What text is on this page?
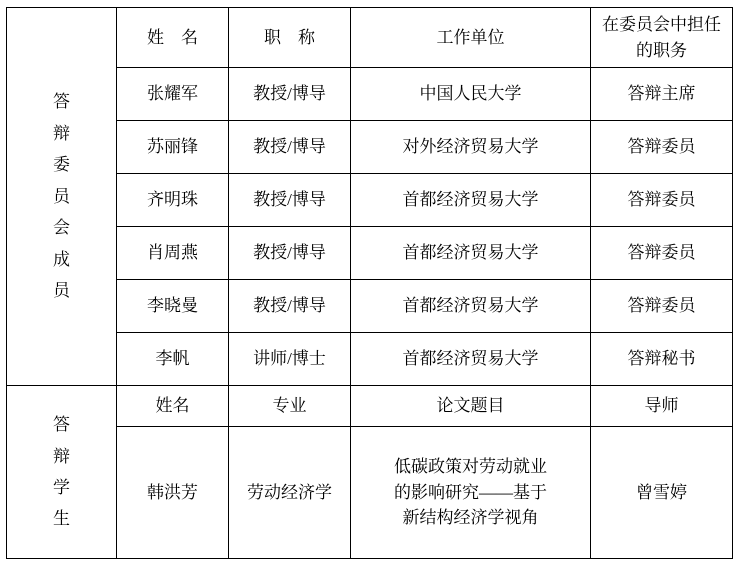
答
辩
委
员
会
成
员
	姓　名	职　称	工作单位	在委员会中担任的职务
	张耀军	教授/博导	中国人民大学	答辩主席
	苏丽锋	教授/博导	对外经济贸易大学	答辩委员
	齐明珠	教授/博导	首都经济贸易大学	答辩委员
	肖周燕	教授/博导	首都经济贸易大学	答辩委员
	李晓曼	教授/博导	首都经济贸易大学	答辩委员
	李帆	讲师/博士	首都经济贸易大学	答辩秘书

答
辩
学
生	姓名	专业	论文题目	导师
	韩洪芳	劳动经济学	低碳政策对劳动就业
的影响研究——基于
新结构经济学视角	曾雪婷
